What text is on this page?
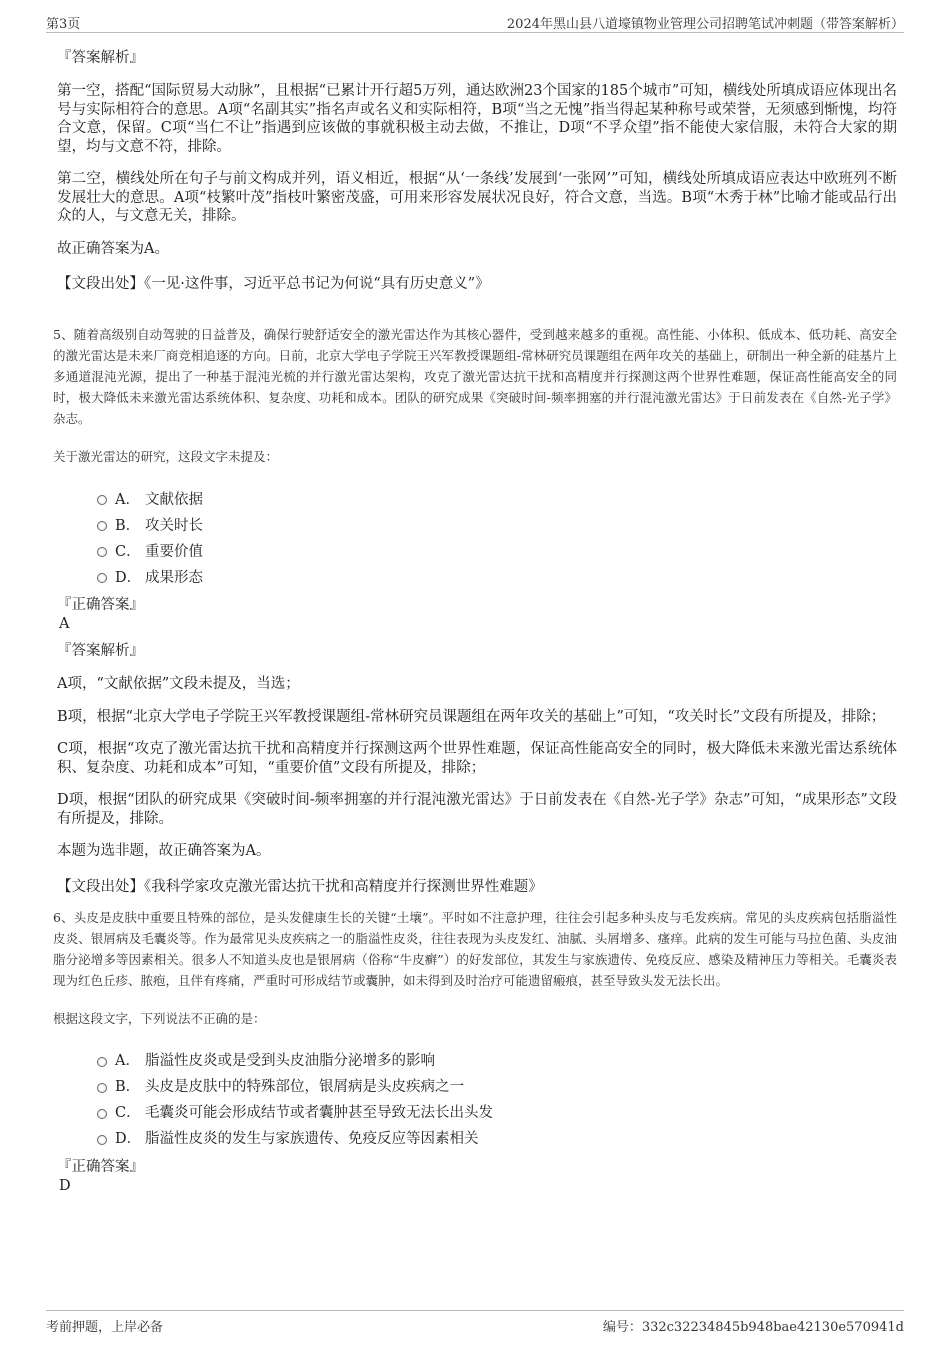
第3页	2024年黑山县八道壕镇物业管理公司招聘笔试冲刺题（带答案解析）
『答案解析』

第一空，搭配“国际贸易大动脉”，且根据“已累计开行超5万列，通达欧洲23个国家的185个城市”可知，横线处所填成语应体现出名号与实际相符合的意思。A项“名副其实”指名声或名义和实际相符，B项“当之无愧”指当得起某种称号或荣誉，无须感到惭愧，均符合文意，保留。C项“当仁不让”指遇到应该做的事就积极主动去做，不推让，D项“不孚众望”指不能使大家信服，未符合大家的期望，均与文意不符，排除。

第二空，横线处所在句子与前文构成并列，语义相近，根据“从‘一条线’发展到‘一张网’”可知，横线处所填成语应表达中欧班列不断发展壮大的意思。A项“枝繁叶茂”指枝叶繁密茂盛，可用来形容发展状况良好，符合文意，当选。B项“木秀于林”比喻才能或品行出众的人，与文意无关，排除。

故正确答案为A。

【文段出处】《一见·这件事，习近平总书记为何说“具有历史意义”》

5、随着高级别自动驾驶的日益普及，确保行驶舒适安全的激光雷达作为其核心器件，受到越来越多的重视。高性能、小体积、低成本、低功耗、高安全的激光雷达是未来厂商竞相追逐的方向。日前，北京大学电子学院王兴军教授课题组-常林研究员课题组在两年攻关的基础上，研制出一种全新的硅基片上多通道混沌光源，提出了一种基于混沌光梳的并行激光雷达架构，攻克了激光雷达抗干扰和高精度并行探测这两个世界性难题，保证高性能高安全的同时，极大降低未来激光雷达系统体积、复杂度、功耗和成本。团队的研究成果《突破时间-频率拥塞的并行混沌激光雷达》于日前发表在《自然-光子学》杂志。

关于激光雷达的研究，这段文字未提及：

A． 文献依据
B． 攻关时长
C． 重要价值
D． 成果形态
『正确答案』
A
『答案解析』

A项，“文献依据”文段未提及，当选；

B项，根据“北京大学电子学院王兴军教授课题组-常林研究员课题组在两年攻关的基础上”可知，“攻关时长”文段有所提及，排除；

C项，根据“攻克了激光雷达抗干扰和高精度并行探测这两个世界性难题，保证高性能高安全的同时，极大降低未来激光雷达系统体积、复杂度、功耗和成本”可知，“重要价值”文段有所提及，排除；

D项，根据“团队的研究成果《突破时间-频率拥塞的并行混沌激光雷达》于日前发表在《自然-光子学》杂志”可知，“成果形态”文段有所提及，排除。

本题为选非题，故正确答案为A。

【文段出处】《我科学家攻克激光雷达抗干扰和高精度并行探测世界性难题》

6、头皮是皮肤中重要且特殊的部位，是头发健康生长的关键“土壤”。平时如不注意护理，往往会引起多种头皮与毛发疾病。常见的头皮疾病包括脂溢性皮炎、银屑病及毛囊炎等。作为最常见头皮疾病之一的脂溢性皮炎，往往表现为头皮发红、油腻、头屑增多、瘙痒。此病的发生可能与马拉色菌、头皮油脂分泌增多等因素相关。很多人不知道头皮也是银屑病（俗称“牛皮癣”）的好发部位，其发生与家族遗传、免疫反应、感染及精神压力等相关。毛囊炎表现为红色丘疹、脓疱，且伴有疼痛，严重时可形成结节或囊肿，如未得到及时治疗可能遗留瘢痕，甚至导致头发无法长出。

根据这段文字，下列说法不正确的是：

A． 脂溢性皮炎或是受到头皮油脂分泌增多的影响
B． 头皮是皮肤中的特殊部位，银屑病是头皮疾病之一
C． 毛囊炎可能会形成结节或者囊肿甚至导致无法长出头发
D． 脂溢性皮炎的发生与家族遗传、免疫反应等因素相关
『正确答案』
D
考前押题，上岸必备	编号：332c32234845b948bae42130e570941d
